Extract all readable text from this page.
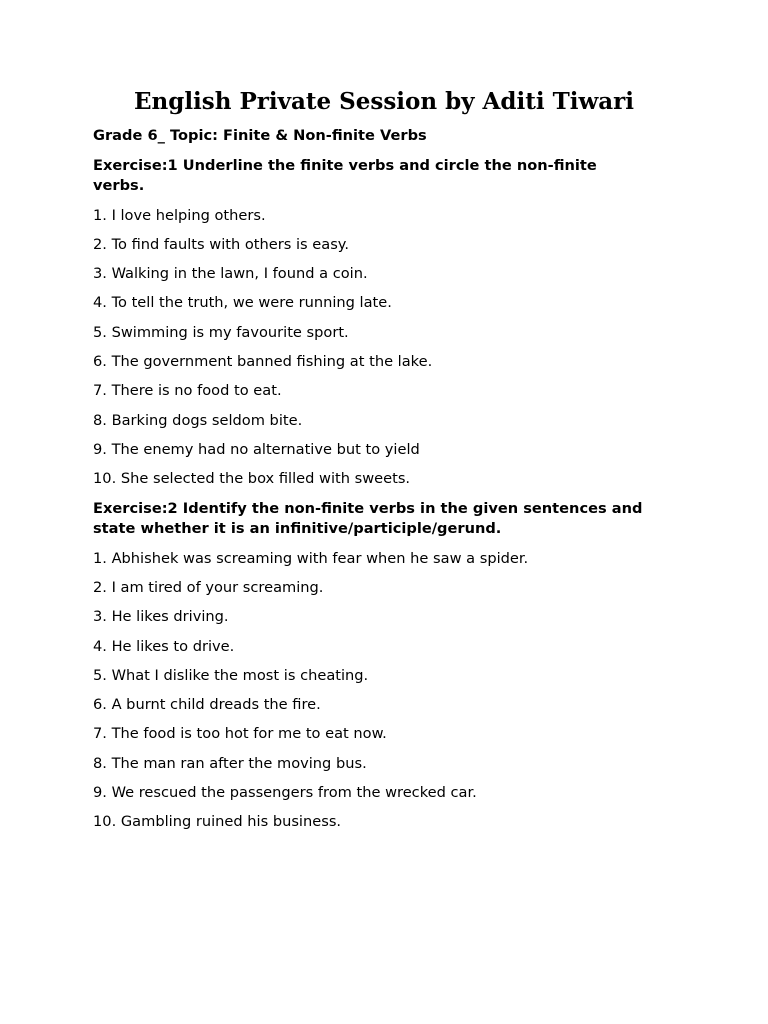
English Private Session by Aditi Tiwari

Grade 6_ Topic: Finite & Non-finite Verbs

Exercise:1 Underline the finite verbs and circle the non-finite verbs.

1. I love helping others.

2. To find faults with others is easy.

3. Walking in the lawn, I found a coin.

4. To tell the truth, we were running late.

5. Swimming is my favourite sport.

6. The government banned fishing at the lake.

7. There is no food to eat.

8. Barking dogs seldom bite.

9. The enemy had no alternative but to yield

10. She selected the box filled with sweets.

Exercise:2 Identify the non-finite verbs in the given sentences and state whether it is an infinitive/participle/gerund.

1. Abhishek was screaming with fear when he saw a spider.

2. I am tired of your screaming.

3. He likes driving.

4. He likes to drive.

5. What I dislike the most is cheating.

6. A burnt child dreads the fire.

7. The food is too hot for me to eat now.

8. The man ran after the moving bus.

9. We rescued the passengers from the wrecked car.

10. Gambling ruined his business.
